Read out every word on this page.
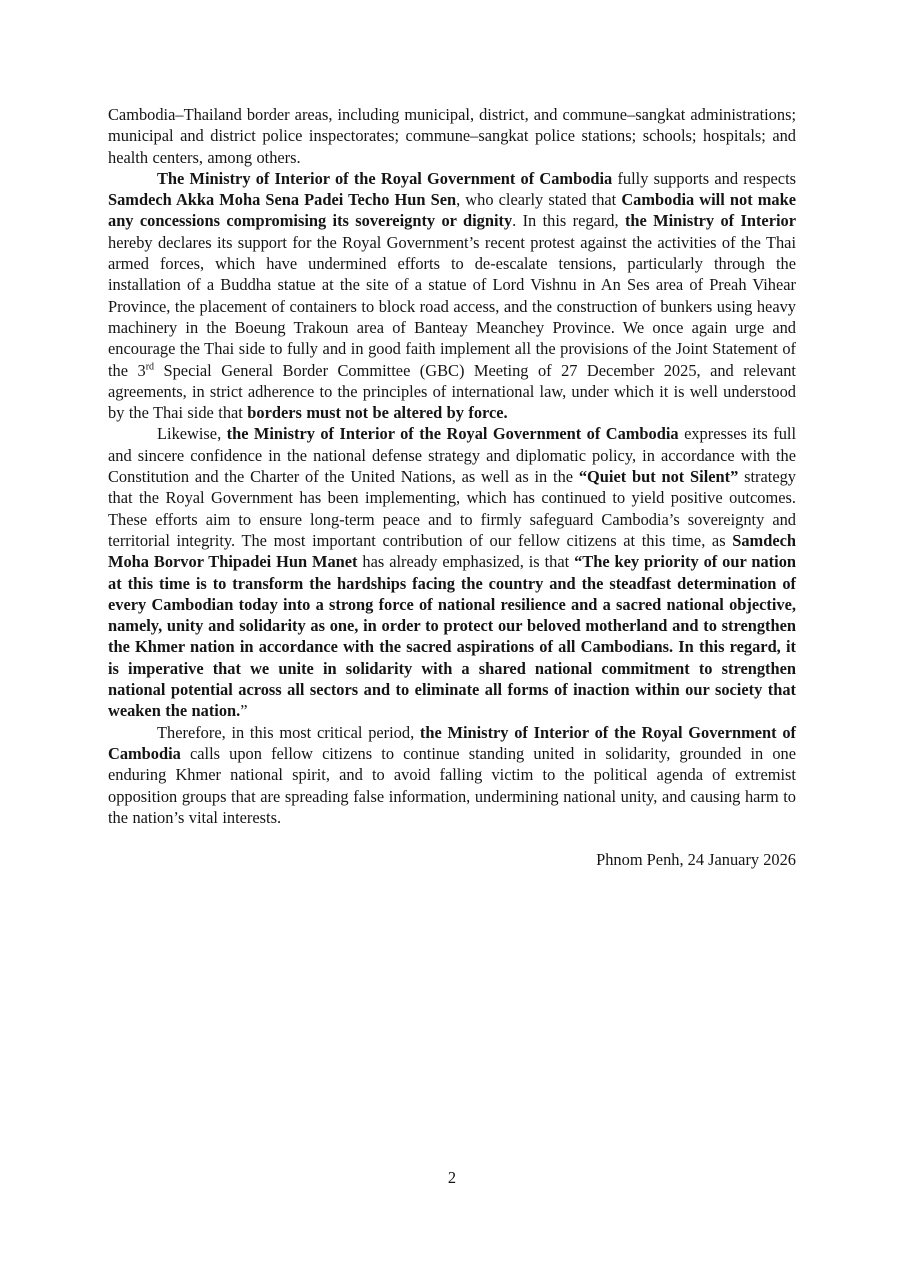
Cambodia–Thailand border areas, including municipal, district, and commune–sangkat administrations; municipal and district police inspectorates; commune–sangkat police stations; schools; hospitals; and health centers, among others.

The Ministry of Interior of the Royal Government of Cambodia fully supports and respects Samdech Akka Moha Sena Padei Techo Hun Sen, who clearly stated that Cambodia will not make any concessions compromising its sovereignty or dignity. In this regard, the Ministry of Interior hereby declares its support for the Royal Government’s recent protest against the activities of the Thai armed forces, which have undermined efforts to de-escalate tensions, particularly through the installation of a Buddha statue at the site of a statue of Lord Vishnu in An Ses area of Preah Vihear Province, the placement of containers to block road access, and the construction of bunkers using heavy machinery in the Boeung Trakoun area of Banteay Meanchey Province. We once again urge and encourage the Thai side to fully and in good faith implement all the provisions of the Joint Statement of the 3rd Special General Border Committee (GBC) Meeting of 27 December 2025, and relevant agreements, in strict adherence to the principles of international law, under which it is well understood by the Thai side that borders must not be altered by force.

Likewise, the Ministry of Interior of the Royal Government of Cambodia expresses its full and sincere confidence in the national defense strategy and diplomatic policy, in accordance with the Constitution and the Charter of the United Nations, as well as in the “Quiet but not Silent” strategy that the Royal Government has been implementing, which has continued to yield positive outcomes. These efforts aim to ensure long-term peace and to firmly safeguard Cambodia’s sovereignty and territorial integrity. The most important contribution of our fellow citizens at this time, as Samdech Moha Borvor Thipadei Hun Manet has already emphasized, is that “The key priority of our nation at this time is to transform the hardships facing the country and the steadfast determination of every Cambodian today into a strong force of national resilience and a sacred national objective, namely, unity and solidarity as one, in order to protect our beloved motherland and to strengthen the Khmer nation in accordance with the sacred aspirations of all Cambodians. In this regard, it is imperative that we unite in solidarity with a shared national commitment to strengthen national potential across all sectors and to eliminate all forms of inaction within our society that weaken the nation.”

Therefore, in this most critical period, the Ministry of Interior of the Royal Government of Cambodia calls upon fellow citizens to continue standing united in solidarity, grounded in one enduring Khmer national spirit, and to avoid falling victim to the political agenda of extremist opposition groups that are spreading false information, undermining national unity, and causing harm to the nation’s vital interests.

Phnom Penh, 24 January 2026

2
